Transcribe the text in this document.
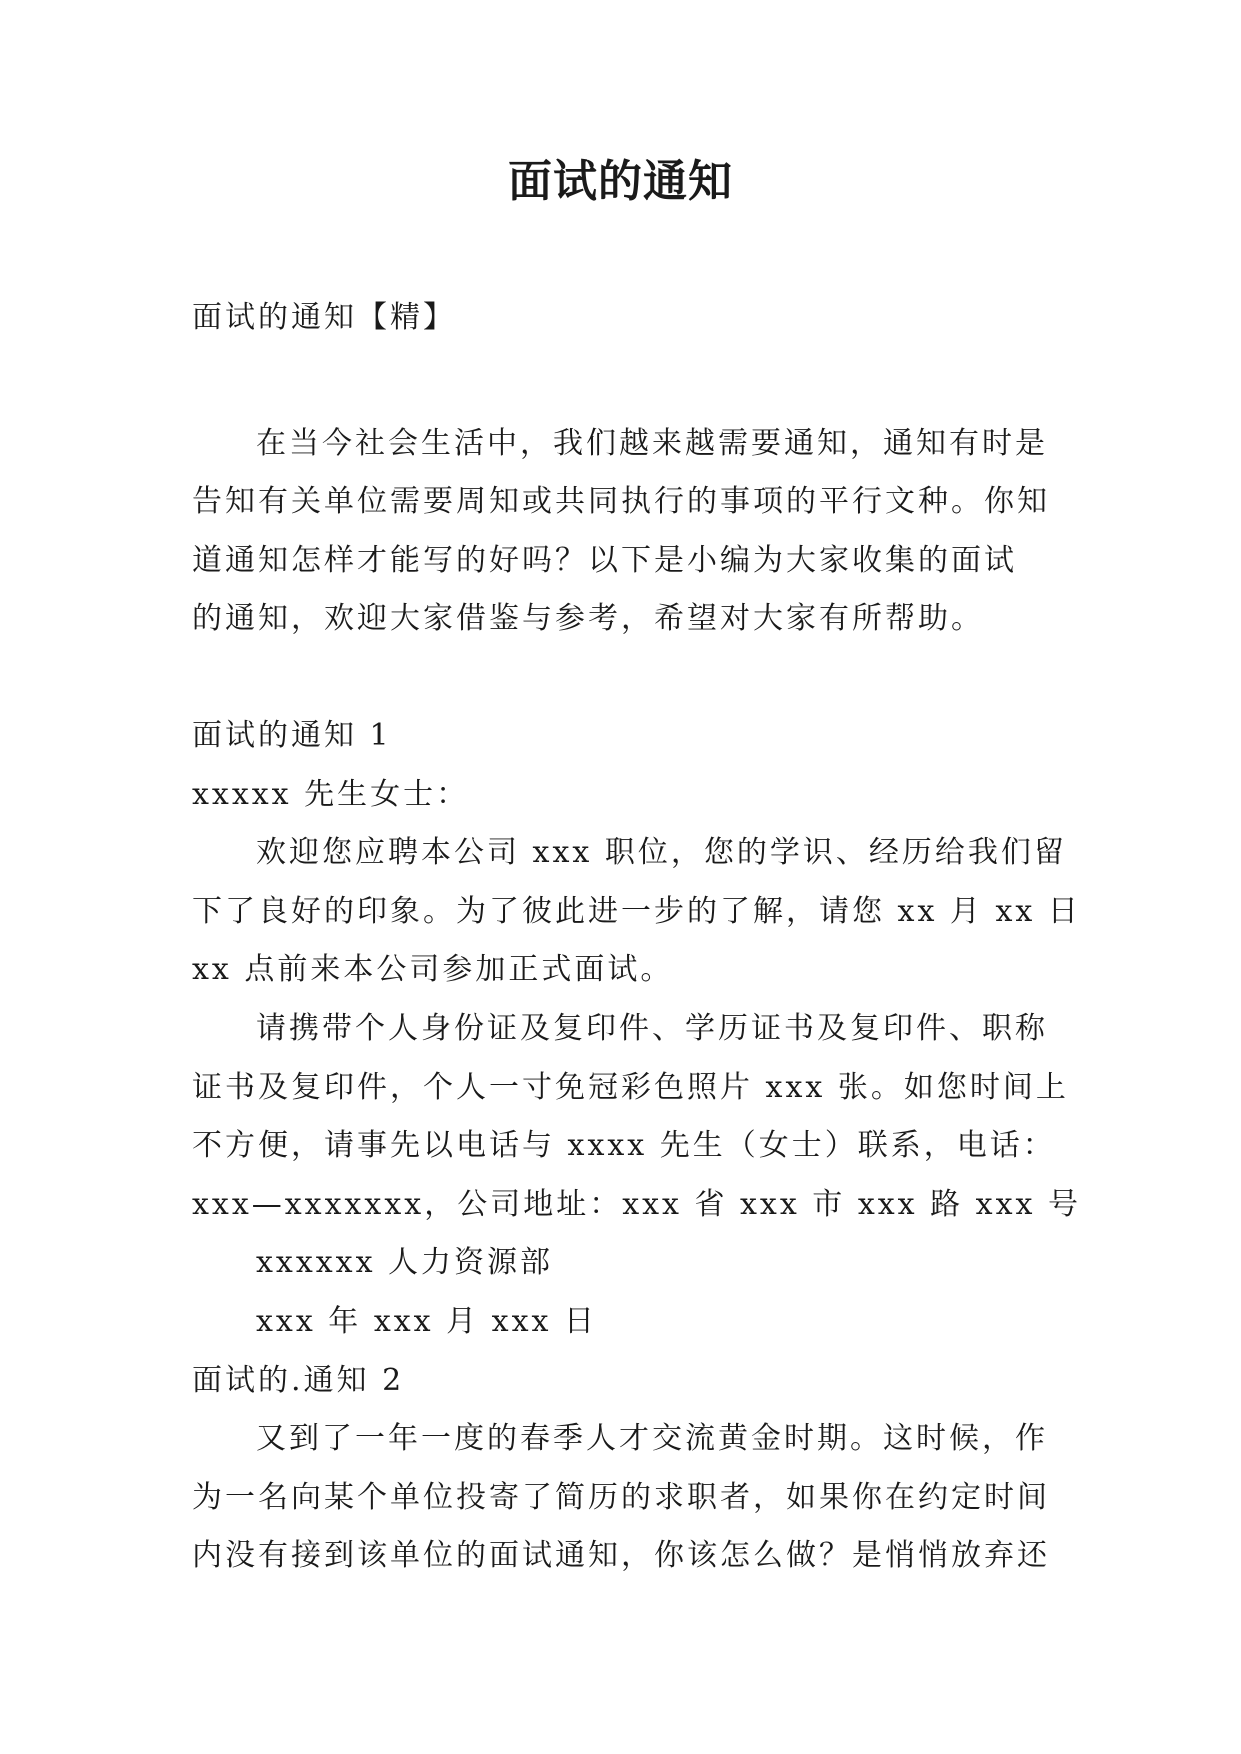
面试的通知

面试的通知【精】

在当今社会生活中，我们越来越需要通知，通知有时是

告知有关单位需要周知或共同执行的事项的平行文种。你知

道通知怎样才能写的好吗？以下是小编为大家收集的面试

的通知，欢迎大家借鉴与参考，希望对大家有所帮助。

面试的通知 1

xxxxx 先生女士：

欢迎您应聘本公司 xxx 职位，您的学识、经历给我们留

下了良好的印象。为了彼此进一步的了解，请您 xx 月 xx 日

xx 点前来本公司参加正式面试。

请携带个人身份证及复印件、学历证书及复印件、职称

证书及复印件，个人一寸免冠彩色照片 xxx 张。如您时间上

不方便，请事先以电话与 xxxx 先生（女士）联系，电话：

xxx—xxxxxxx，公司地址：xxx 省 xxx 市 xxx 路 xxx 号

xxxxxx 人力资源部

xxx 年 xxx 月 xxx 日

面试的.通知 2

又到了一年一度的春季人才交流黄金时期。这时候，作

为一名向某个单位投寄了简历的求职者，如果你在约定时间

内没有接到该单位的面试通知，你该怎么做？是悄悄放弃还
